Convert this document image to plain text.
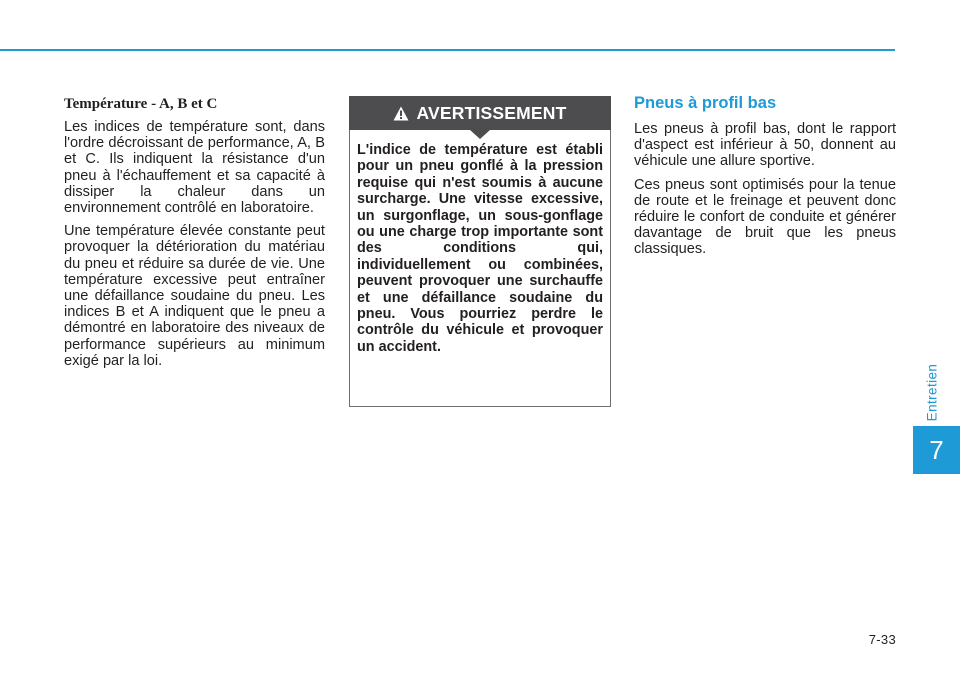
Température - A, B et C

Les indices de température sont, dans l'ordre décroissant de performance, A, B et C. Ils indiquent la résistance d'un pneu à l'échauffement et sa capacité à dissiper la chaleur dans un environnement contrôlé en laboratoire.

Une température élevée constante peut provoquer la détérioration du matériau du pneu et réduire sa durée de vie. Une température excessive peut entraîner une défaillance soudaine du pneu. Les indices B et A indiquent que le pneu a démontré en laboratoire des niveaux de performance supérieurs au minimum exigé par la loi.

AVERTISSEMENT

L'indice de température est établi pour un pneu gonflé à la pression requise qui n'est soumis à aucune surcharge. Une vitesse excessive, un surgonflage, un sous-gonflage ou une charge trop importante sont des conditions qui, individuellement ou combinées, peuvent provoquer une surchauffe et une défaillance soudaine du pneu. Vous pourriez perdre le contrôle du véhicule et provoquer un accident.

Pneus à profil bas

Les pneus à profil bas, dont le rapport d'aspect est inférieur à 50, donnent au véhicule une allure sportive.

Ces pneus sont optimisés pour la tenue de route et le freinage et peuvent donc réduire le confort de conduite et générer davantage de bruit que les pneus classiques.

Entretien
7
7-33
